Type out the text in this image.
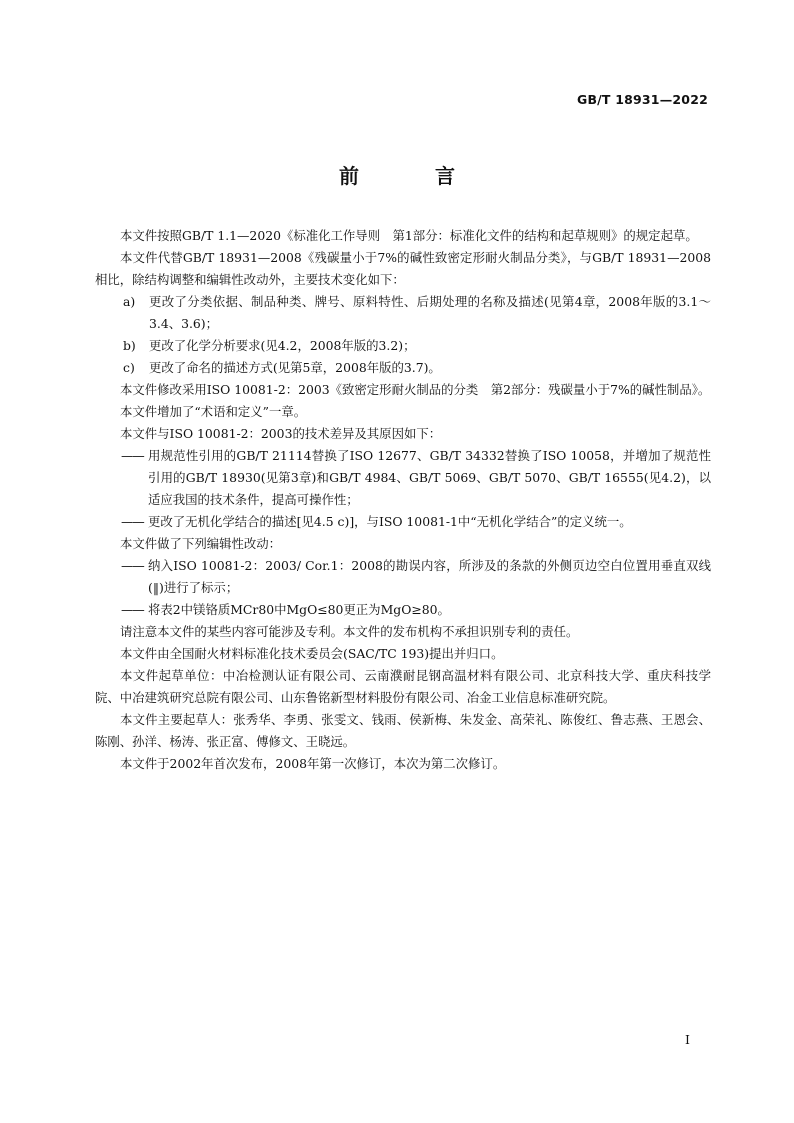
GB/T 18931—2022
前　言

本文件按照GB/T 1.1—2020《标准化工作导则　第1部分：标准化文件的结构和起草规则》的规定起草。

本文件代替GB/T 18931—2008《残碳量小于7%的碱性致密定形耐火制品分类》，与GB/T 18931—2008相比，除结构调整和编辑性改动外，主要技术变化如下：

a) 更改了分类依据、制品种类、牌号、原料特性、后期处理的名称及描述(见第4章，2008年版的3.1～3.4、3.6)；

b) 更改了化学分析要求(见4.2，2008年版的3.2)；

c) 更改了命名的描述方式(见第5章，2008年版的3.7)。

本文件修改采用ISO 10081-2：2003《致密定形耐火制品的分类　第2部分：残碳量小于7%的碱性制品》。

本文件增加了“术语和定义”一章。

本文件与ISO 10081-2：2003的技术差异及其原因如下：

—— 用规范性引用的GB/T 21114替换了ISO 12677、GB/T 34332替换了ISO 10058，并增加了规范性引用的GB/T 18930(见第3章)和GB/T 4984、GB/T 5069、GB/T 5070、GB/T 16555(见4.2)，以适应我国的技术条件，提高可操作性；

—— 更改了无机化学结合的描述[见4.5 c)]，与ISO 10081-1中“无机化学结合”的定义统一。

本文件做了下列编辑性改动：

—— 纳入ISO 10081-2：2003/ Cor.1：2008的勘误内容，所涉及的条款的外侧页边空白位置用垂直双线(‖)进行了标示；

—— 将表2中镁铬质MCr80中MgO≤80更正为MgO≥80。

请注意本文件的某些内容可能涉及专利。本文件的发布机构不承担识别专利的责任。

本文件由全国耐火材料标准化技术委员会(SAC/TC 193)提出并归口。

本文件起草单位：中冶检测认证有限公司、云南濮耐昆钢高温材料有限公司、北京科技大学、重庆科技学院、中冶建筑研究总院有限公司、山东鲁铭新型材料股份有限公司、冶金工业信息标准研究院。

本文件主要起草人：张秀华、李勇、张雯文、钱雨、侯新梅、朱发金、高荣礼、陈俊红、鲁志燕、王恩会、陈刚、孙洋、杨涛、张正富、傅修文、王晓远。

本文件于2002年首次发布，2008年第一次修订，本次为第二次修订。

I
